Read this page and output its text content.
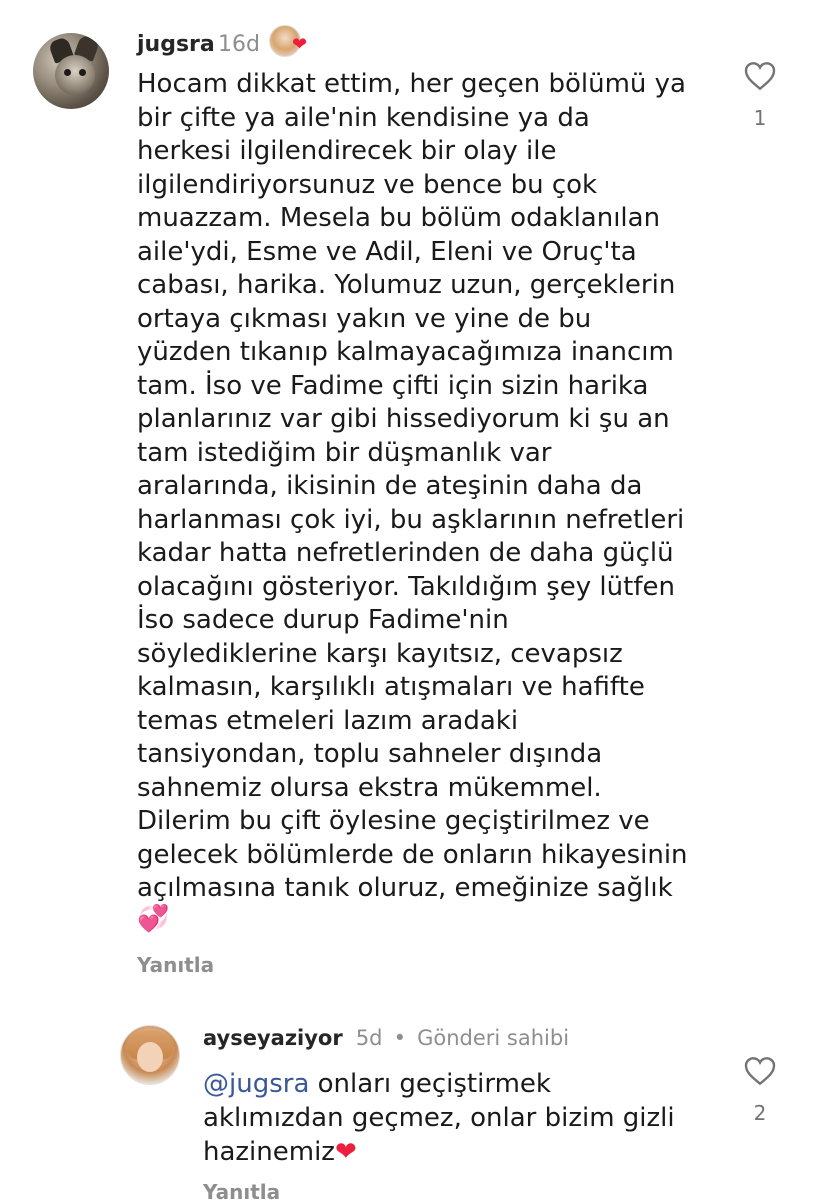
jugsra 16d ❤
Hocam dikkat ettim, her geçen bölümü ya
bir çifte ya aile'nin kendisine ya da
herkesi ilgilendirecek bir olay ile
ilgilendiriyorsunuz ve bence bu çok
muazzam. Mesela bu bölüm odaklanılan
aile'ydi, Esme ve Adil, Eleni ve Oruç'ta
cabası, harika. Yolumuz uzun, gerçeklerin
ortaya çıkması yakın ve yine de bu
yüzden tıkanıp kalmayacağımıza inancım
tam. İso ve Fadime çifti için sizin harika
planlarınız var gibi hissediyorum ki şu an
tam istediğim bir düşmanlık var
aralarında, ikisinin de ateşinin daha da
harlanması çok iyi, bu aşklarının nefretleri
kadar hatta nefretlerinden de daha güçlü
olacağını gösteriyor. Takıldığım şey lütfen
İso sadece durup Fadime'nin
söylediklerine karşı kayıtsız, cevapsız
kalmasın, karşılıklı atışmaları ve hafifte
temas etmeleri lazım aradaki
tansiyondan, toplu sahneler dışında
sahnemiz olursa ekstra mükemmel.
Dilerim bu çift öylesine geçiştirilmez ve
gelecek bölümlerde de onların hikayesinin
açılmasına tanık oluruz, emeğinize sağlık
💞
Yanıtla
1
ayseyaziyor 5d • Gönderi sahibi
@jugsra onları geçiştirmek aklımızdan geçmez, onlar bizim gizli hazinemiz❤
Yanıtla
2
